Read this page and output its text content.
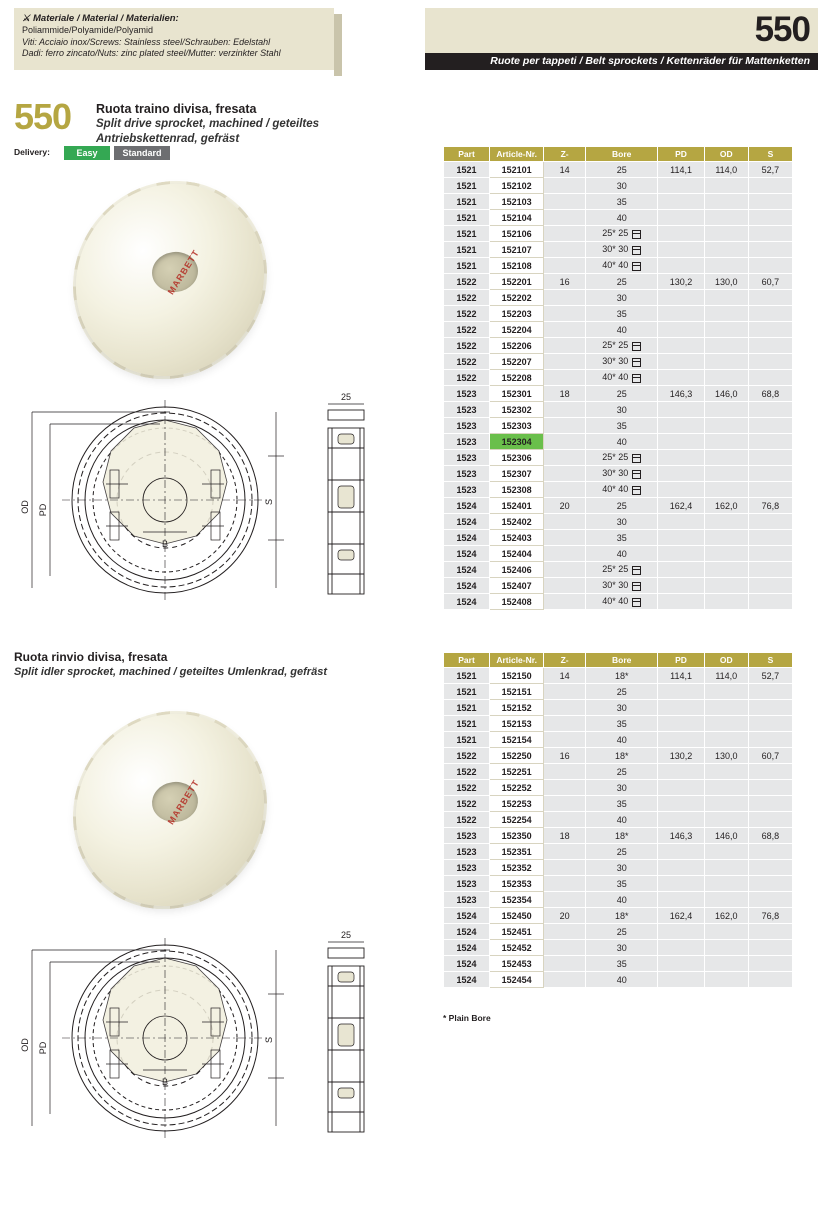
550
Ruote per tappeti / Belt sprockets / Kettenräder für Mattenketten
⚔ Materiale / Material / Materialien:
Poliammide/Polyamide/Polyamid
Viti: Acciaio inox/Screws: Stainless steel/Schrauben: Edelstahl
Dadi: ferro zincato/Nuts: zinc plated steel/Mutter: verzinkter Stahl
550 Ruota traino divisa, fresata
Split drive sprocket, machined / geteiltes Antriebskettenrad, gefräst
Delivery:	Easy	Standard
MARBETT
OD PD
S
B
25
Ruota rinvio divisa, fresata
Split idler sprocket, machined / geteiltes Umlenkrad, gefräst
MARBETT
OD PD
S
B
25
Part	Article-Nr.	Z-	Bore	PD	OD	S
1521	152101	14	25	114,1	114,0	52,7
1521	152102		30			
1521	152103		35			
1521	152104		40			
1521	152106		25* 25			
1521	152107		30* 30			
1521	152108		40* 40			
1522	152201	16	25	130,2	130,0	60,7
1522	152202		30			
1522	152203		35			
1522	152204		40			
1522	152206		25* 25			
1522	152207		30* 30			
1522	152208		40* 40			
1523	152301	18	25	146,3	146,0	68,8
1523	152302		30			
1523	152303		35			
1523	152304		40			
1523	152306		25* 25			
1523	152307		30* 30			
1523	152308		40* 40			
1524	152401	20	25	162,4	162,0	76,8
1524	152402		30			
1524	152403		35			
1524	152404		40			
1524	152406		25* 25			
1524	152407		30* 30			
1524	152408		40* 40			
Part	Article-Nr.	Z-	Bore	PD	OD	S
1521	152150	14	18*	114,1	114,0	52,7
1521	152151		25			
1521	152152		30			
1521	152153		35			
1521	152154		40			
1522	152250	16	18*	130,2	130,0	60,7
1522	152251		25			
1522	152252		30			
1522	152253		35			
1522	152254		40			
1523	152350	18	18*	146,3	146,0	68,8
1523	152351		25			
1523	152352		30			
1523	152353		35			
1523	152354		40			
1524	152450	20	18*	162,4	162,0	76,8
1524	152451		25			
1524	152452		30			
1524	152453		35			
1524	152454		40			
* Plain Bore
